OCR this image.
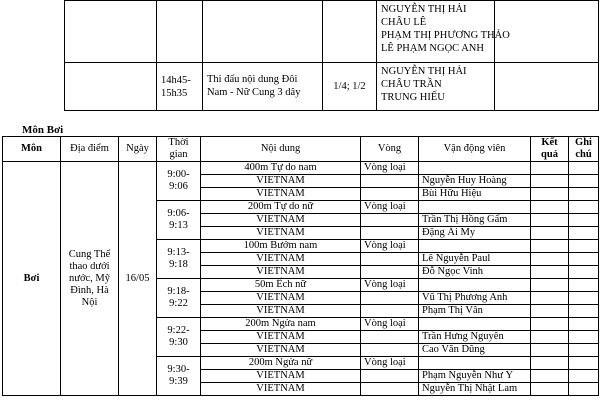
				NGUYỄN THỊ HẢI
CHÂU LÊ
PHẠM THỊ PHƯƠNG THẢO
LÊ PHẠM NGỌC ANH	

	14h45-15h35	Thi đấu nội dung Đôi Nam - Nữ Cung 3 dây	1/4; 1/2	NGUYỄN THỊ HẢI
CHÂU TRẦN
TRUNG HIẾU	

Môn Bơi
Môn	Địa điểm	Ngày	Thời gian	Nội dung	Vòng	Vận động viên	Kết quả	Ghi chú
Bơi	Cung Thể thao dưới nước, Mỹ Đình, Hà Nội	16/05	9:00-9:06	400m Tự do nam	Vòng loại			
				VIETNAM		Nguyễn Huy Hoàng		
				VIETNAM		Bùi Hữu Hiệu		
			9:06-9:13	200m Tự do nữ	Vòng loại			
				VIETNAM		Trần Thị Hồng Gấm		
				VIETNAM		Đặng Ái My		
			9:13-9:18	100m Bướm nam	Vòng loại			
				VIETNAM		Lê Nguyễn Paul		
				VIETNAM		Đỗ Ngọc Vinh		
			9:18-9:22	50m Ếch nữ	Vòng loại			
				VIETNAM		Vũ Thị Phương Anh		
				VIETNAM		Phạm Thị Vân		
			9:22-9:30	200m Ngửa nam	Vòng loại			
				VIETNAM		Trần Hưng Nguyên		
				VIETNAM		Cao Văn Dũng		
			9:30-9:39	200m Ngửa nữ	Vòng loại			
				VIETNAM		Phạm Nguyễn Như Ý		
				VIETNAM		Nguyễn Thị Nhật Lam		
